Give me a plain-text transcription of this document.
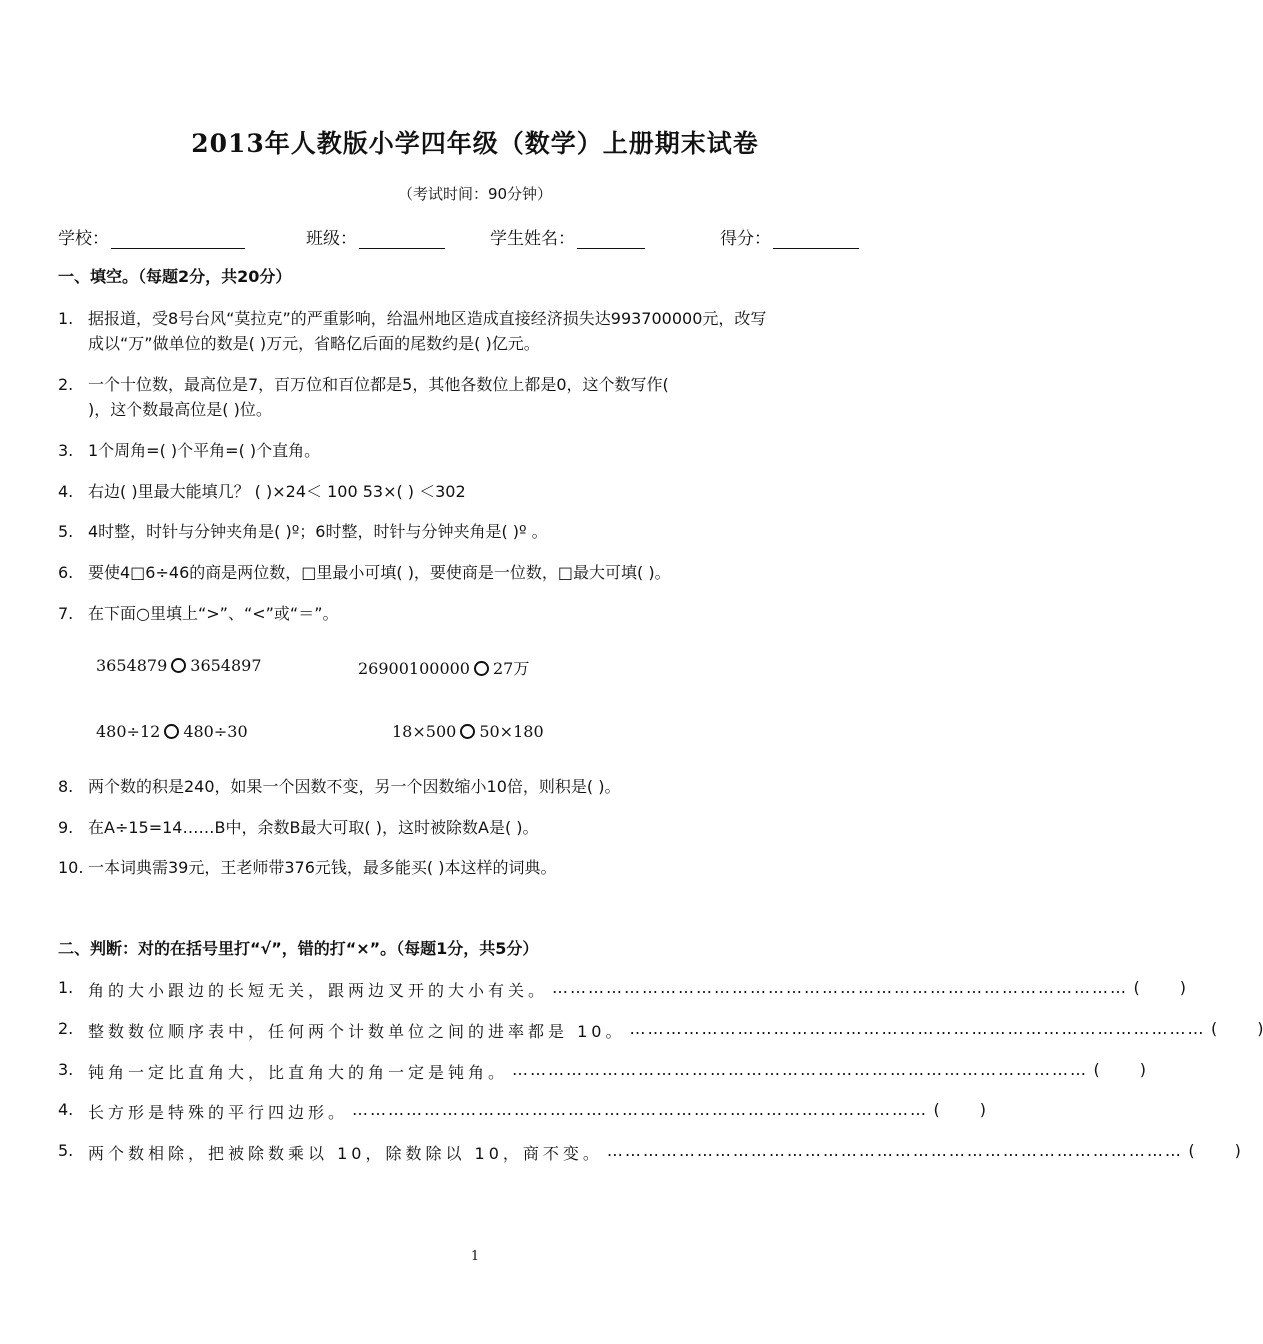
2013年人教版小学四年级（数学）上册期末试卷
（考试时间：90分钟）
学校：	班级：	学生姓名：	得分：
一、填空。（每题2分，共20分）
1. 据报道，受8号台风“莫拉克”的严重影响，给温州地区造成直接经济损失达993700000元，改写
成以“万”做单位的数是( )万元，省略亿后面的尾数约是( )亿元。
2. 一个十位数，最高位是7，百万位和百位都是5，其他各数位上都是0，这个数写作(
)，这个数最高位是( )位。
3. 1个周角=( )个平角=( )个直角。
4. 右边( )里最大能填几？ ( )×24＜ 100 53×( ) ＜302
5. 4时整，时针与分钟夹角是( )º；6时整，时针与分钟夹角是( )º 。
6. 要使4□6÷46的商是两位数，□里最小可填( )，要使商是一位数，□最大可填( )。
7. 在下面○里填上“>”、“<”或“＝”。
3654879 3654897	26900100000 27万
480÷12 480÷30	18×500 50×180
8. 两个数的积是240，如果一个因数不变，另一个因数缩小10倍，则积是( )。
9. 在A÷15=14……B中，余数B最大可取( )，这时被除数A是( )。
10. 一本词典需39元，王老师带376元钱，最多能买( )本这样的词典。
二、判断：对的在括号里打“√”，错的打“×”。（每题1分，共5分）
1. 角的大小跟边的长短无关，跟两边叉开的大小有关。 …………………………………………………………………………………… (	)
2. 整数数位顺序表中，任何两个计数单位之间的进率都是 10。 …………………………………………………………………………………… (	)
3. 钝角一定比直角大，比直角大的角一定是钝角。 …………………………………………………………………………………… (	)
4. 长方形是特殊的平行四边形。 …………………………………………………………………………………… (	)
5. 两个数相除，把被除数乘以 10，除数除以 10，商不变。 …………………………………………………………………………………… (	)
1
